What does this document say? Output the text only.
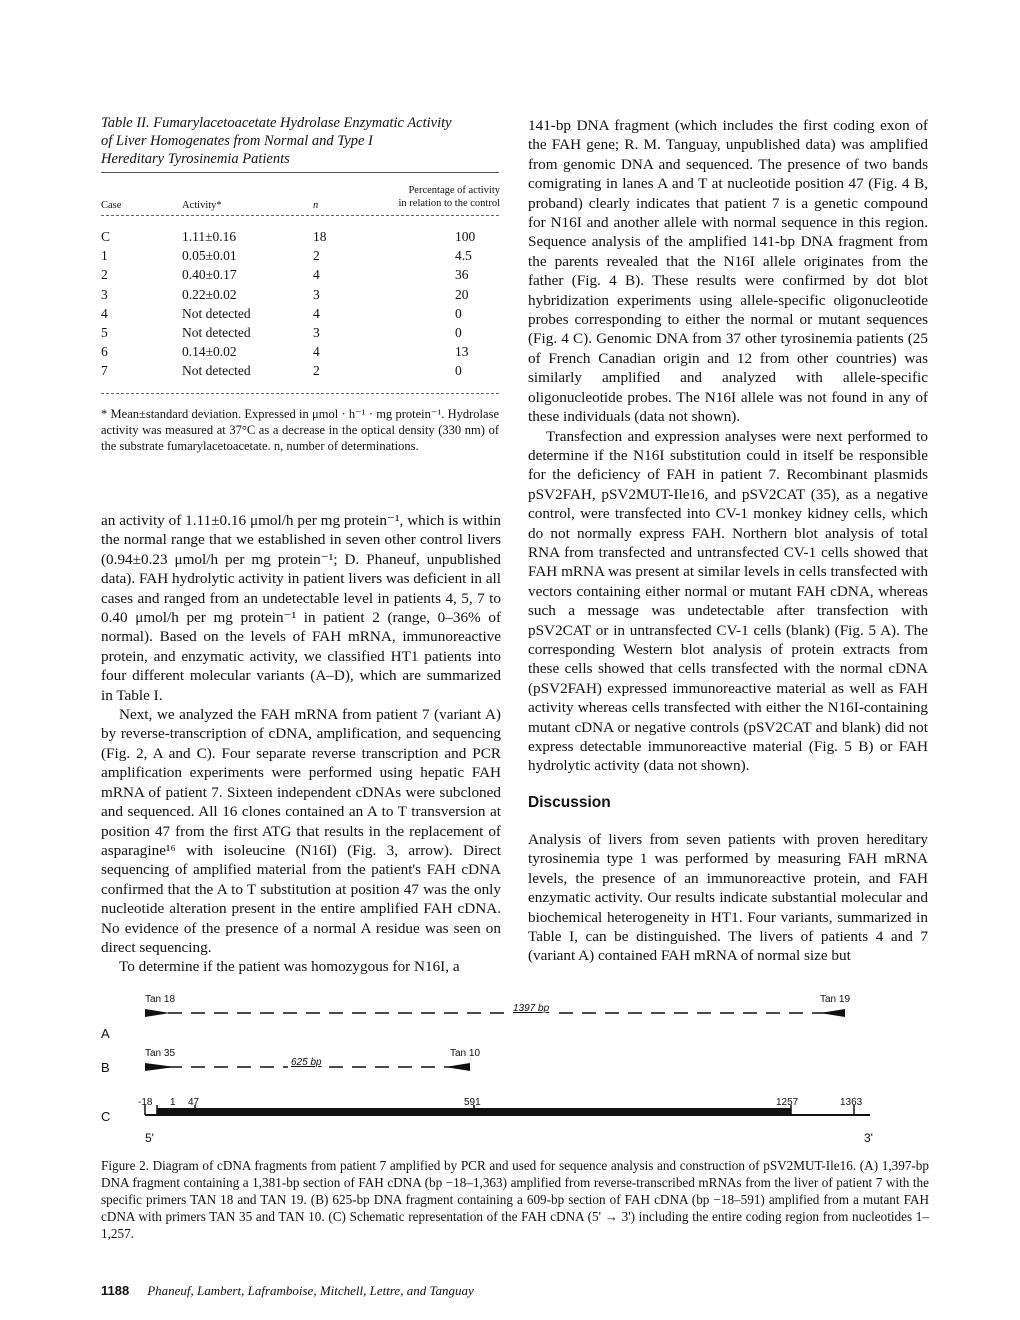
Table II. Fumarylacetoacetate Hydrolase Enzymatic Activity
of Liver Homogenates from Normal and Type I
Hereditary Tyrosinemia Patients
Case	Activity*	n
Percentage of activity
in relation to the control
C	1.11±0.16	18	100
1	0.05±0.01	2	4.5
2	0.40±0.17	4	36
3	0.22±0.02	3	20
4	Not detected	4	0
5	Not detected	3	0
6	0.14±0.02	4	13
7	Not detected	2	0
* Mean±standard deviation. Expressed in μmol · h⁻¹ · mg protein⁻¹. Hydrolase activity was measured at 37°C as a decrease in the optical density (330 nm) of the substrate fumarylacetoacetate. n, number of determinations.

an activity of 1.11±0.16 μmol/h per mg protein⁻¹, which is within the normal range that we established in seven other control livers (0.94±0.23 μmol/h per mg protein⁻¹; D. Phaneuf, unpublished data). FAH hydrolytic activity in patient livers was deficient in all cases and ranged from an undetectable level in patients 4, 5, 7 to 0.40 μmol/h per mg protein⁻¹ in patient 2 (range, 0–36% of normal). Based on the levels of FAH mRNA, immunoreactive protein, and enzymatic activity, we classified HT1 patients into four different molecular variants (A–D), which are summarized in Table I.

Next, we analyzed the FAH mRNA from patient 7 (variant A) by reverse-transcription of cDNA, amplification, and sequencing (Fig. 2, A and C). Four separate reverse transcription and PCR amplification experiments were performed using hepatic FAH mRNA of patient 7. Sixteen independent cDNAs were subcloned and sequenced. All 16 clones contained an A to T transversion at position 47 from the first ATG that results in the replacement of asparagine¹⁶ with isoleucine (N16I) (Fig. 3, arrow). Direct sequencing of amplified material from the patient's FAH cDNA confirmed that the A to T substitution at position 47 was the only nucleotide alteration present in the entire amplified FAH cDNA. No evidence of the presence of a normal A residue was seen on direct sequencing.

To determine if the patient was homozygous for N16I, a

141-bp DNA fragment (which includes the first coding exon of the FAH gene; R. M. Tanguay, unpublished data) was amplified from genomic DNA and sequenced. The presence of two bands comigrating in lanes A and T at nucleotide position 47 (Fig. 4 B, proband) clearly indicates that patient 7 is a genetic compound for N16I and another allele with normal sequence in this region. Sequence analysis of the amplified 141-bp DNA fragment from the parents revealed that the N16I allele originates from the father (Fig. 4 B). These results were confirmed by dot blot hybridization experiments using allele-specific oligonucleotide probes corresponding to either the normal or mutant sequences (Fig. 4 C). Genomic DNA from 37 other tyrosinemia patients (25 of French Canadian origin and 12 from other countries) was similarly amplified and analyzed with allele-specific oligonucleotide probes. The N16I allele was not found in any of these individuals (data not shown).

Transfection and expression analyses were next performed to determine if the N16I substitution could in itself be responsible for the deficiency of FAH in patient 7. Recombinant plasmids pSV2FAH, pSV2MUT-Ile16, and pSV2CAT (35), as a negative control, were transfected into CV-1 monkey kidney cells, which do not normally express FAH. Northern blot analysis of total RNA from transfected and untransfected CV-1 cells showed that FAH mRNA was present at similar levels in cells transfected with vectors containing either normal or mutant FAH cDNA, whereas such a message was undetectable after transfection with pSV2CAT or in untransfected CV-1 cells (blank) (Fig. 5 A). The corresponding Western blot analysis of protein extracts from these cells showed that cells transfected with the normal cDNA (pSV2FAH) expressed immunoreactive material as well as FAH activity whereas cells transfected with either the N16I-containing mutant cDNA or negative controls (pSV2CAT and blank) did not express detectable immunoreactive material (Fig. 5 B) or FAH hydrolytic activity (data not shown).

Discussion

Analysis of livers from seven patients with proven hereditary tyrosinemia type 1 was performed by measuring FAH mRNA levels, the presence of an immunoreactive protein, and FAH enzymatic activity. Our results indicate substantial molecular and biochemical heterogeneity in HT1. Four variants, summarized in Table I, can be distinguished. The livers of patients 4 and 7 (variant A) contained FAH mRNA of normal size but

A
B
C
Tan 18	Tan 19
1397 bp
Tan 35	Tan 10
625 bp
-18 1 47	591	1257	1363
5'	3'
Figure 2. Diagram of cDNA fragments from patient 7 amplified by PCR and used for sequence analysis and construction of pSV2MUT-Ile16. (A) 1,397-bp DNA fragment containing a 1,381-bp section of FAH cDNA (bp −18–1,363) amplified from reverse-transcribed mRNAs from the liver of patient 7 with the specific primers TAN 18 and TAN 19. (B) 625-bp DNA fragment containing a 609-bp section of FAH cDNA (bp −18–591) amplified from a mutant FAH cDNA with primers TAN 35 and TAN 10. (C) Schematic representation of the FAH cDNA (5' → 3') including the entire coding region from nucleotides 1–1,257.
1188 Phaneuf, Lambert, Laframboise, Mitchell, Lettre, and Tanguay
